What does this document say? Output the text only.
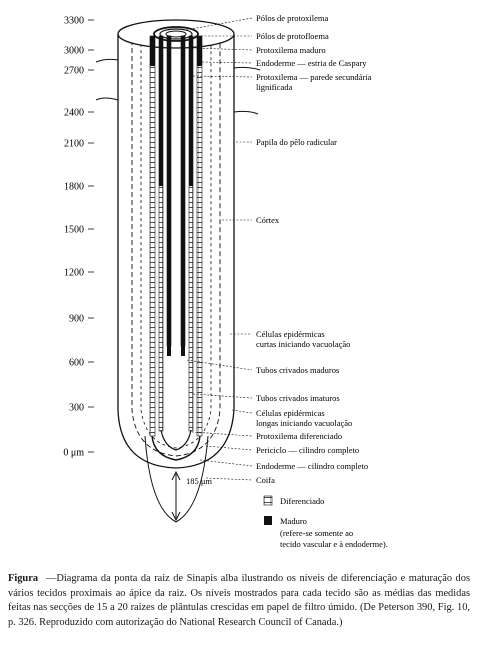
3300
3000
2700
2400
2100
1800
1500
1200
900
600
300
0 μm
Pólos de protoxilema
Pólos de protofloema
Protoxilema maduro
Endoderme — estria de Caspary
Protoxilema — parede secundária
lignificada
Papila do pêlo radicular
Córtex
Células epidérmicas
curtas iniciando vacuolação
Tubos crivados maduros
Tubos crivados imaturos
Células epidérmicas
longas iniciando vacuolação
Protoxilema diferenciado
Periciclo — cilindro completo
Endoderme — cilindro completo
Coifa
185 μm
Diferenciado
Maduro
(refere-se somente ao
tecido vascular e à endoderme).

Figura —Diagrama da ponta da raiz de Sinapis alba ilustrando os níveis de diferenciação e maturação dos vários tecidos proximais ao ápice da raiz. Os níveis mostrados para cada tecido são as médias das medidas feitas nas secções de 15 a 20 raízes de plântulas crescidas em papel de filtro úmido. (De Peterson 390, Fig. 10, p. 326. Reproduzido com autorização do National Research Council of Canada.)
